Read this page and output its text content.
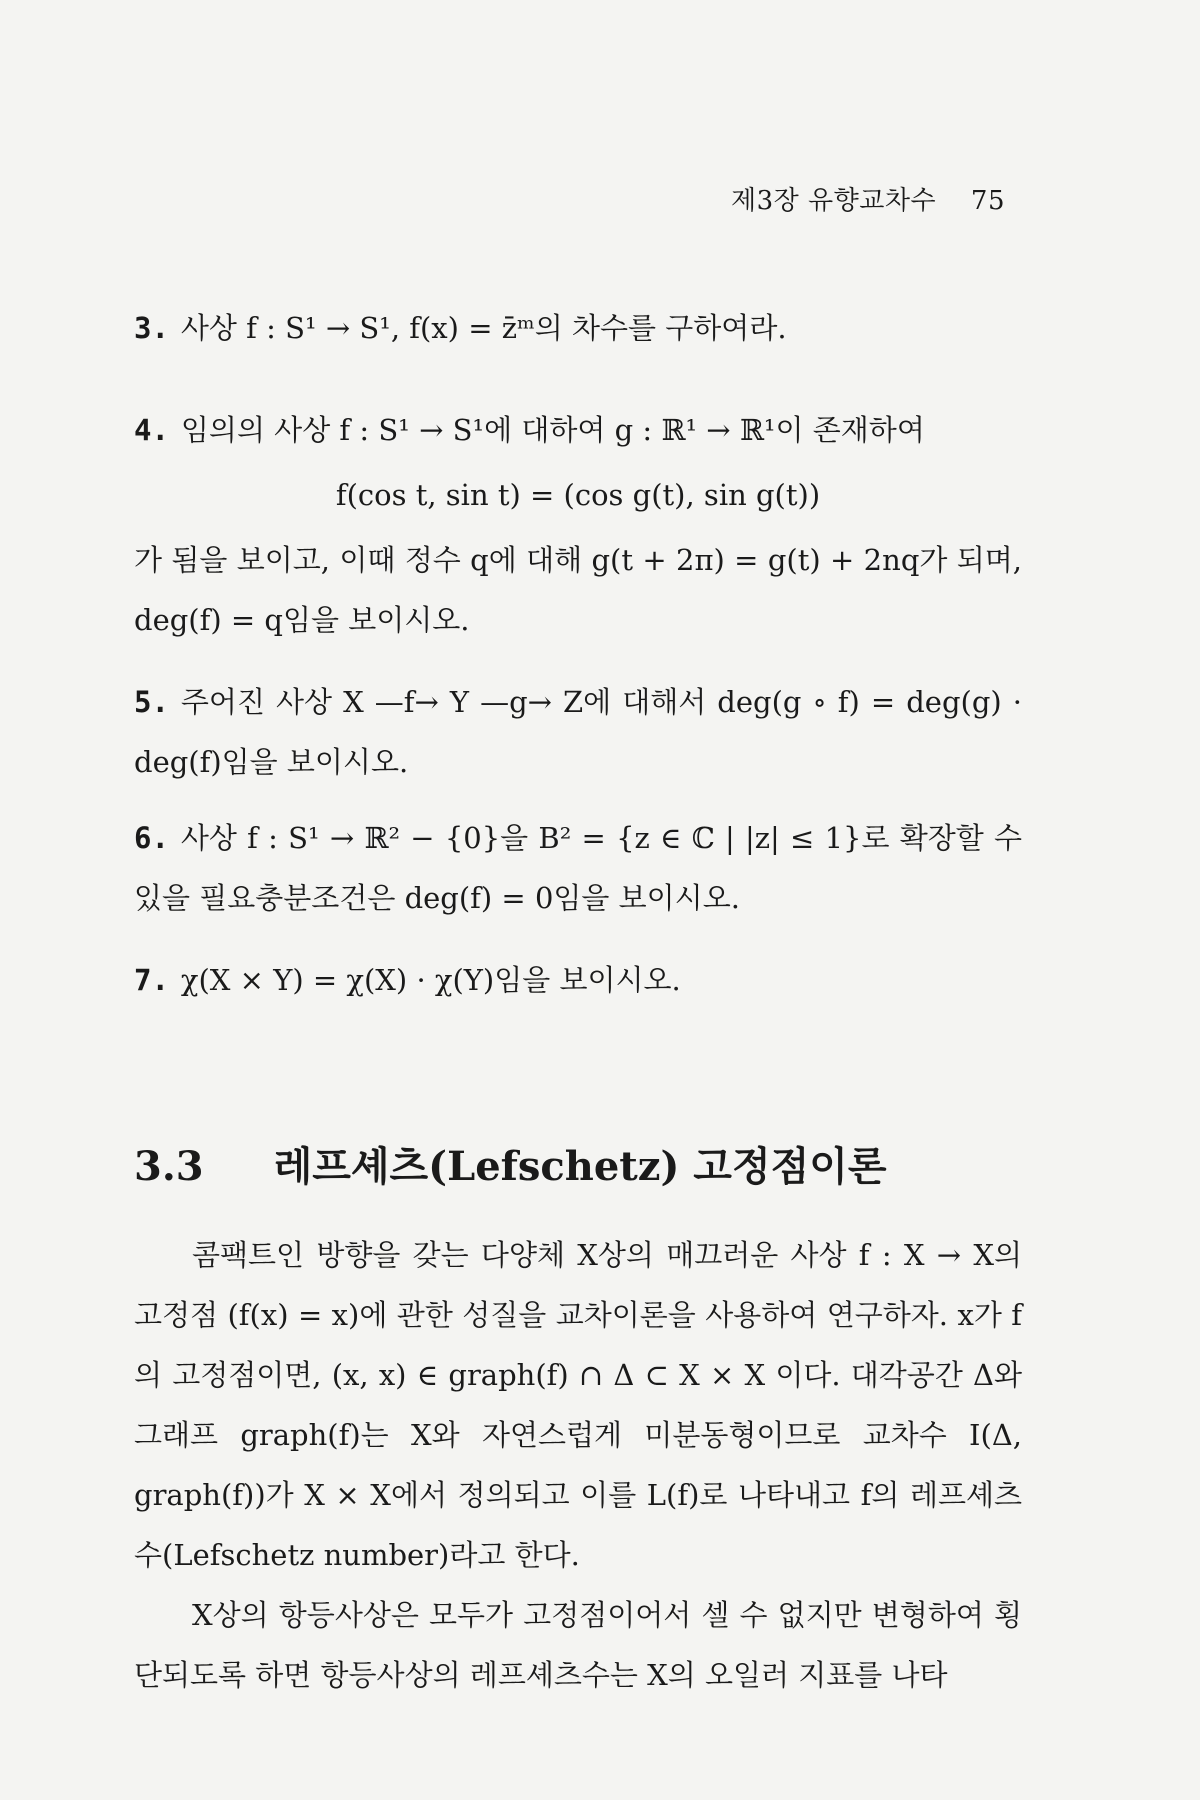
제3장 유향교차수 75
3. 사상 f : S¹ → S¹, f(x) = z̄ᵐ의 차수를 구하여라.
4. 임의의 사상 f : S¹ → S¹에 대하여 g : ℝ¹ → ℝ¹이 존재하여
f(cos t, sin t) = (cos g(t), sin g(t))
가 됨을 보이고, 이때 정수 q에 대해 g(t + 2π) = g(t) + 2nq가 되며, deg(f) = q임을 보이시오.
5. 주어진 사상 X —f→ Y —g→ Z에 대해서 deg(g ∘ f) = deg(g) · deg(f)임을 보이시오.
6. 사상 f : S¹ → ℝ² − {0}을 B² = {z ∈ ℂ | |z| ≤ 1}로 확장할 수 있을 필요충분조건은 deg(f) = 0임을 보이시오.
7. χ(X × Y) = χ(X) · χ(Y)임을 보이시오.
3.3 레프셰츠(Lefschetz) 고정점이론
콤팩트인 방향을 갖는 다양체 X상의 매끄러운 사상 f : X → X의 고정점 (f(x) = x)에 관한 성질을 교차이론을 사용하여 연구하자. x가 f의 고정점이면, (x, x) ∈ graph(f) ∩ Δ ⊂ X × X 이다. 대각공간 Δ와 그래프 graph(f)는 X와 자연스럽게 미분동형이므로 교차수 I(Δ, graph(f))가 X × X에서 정의되고 이를 L(f)로 나타내고 f의 레프셰츠수(Lefschetz number)라고 한다.
X상의 항등사상은 모두가 고정점이어서 셀 수 없지만 변형하여 횡단되도록 하면 항등사상의 레프셰츠수는 X의 오일러 지표를 나타
